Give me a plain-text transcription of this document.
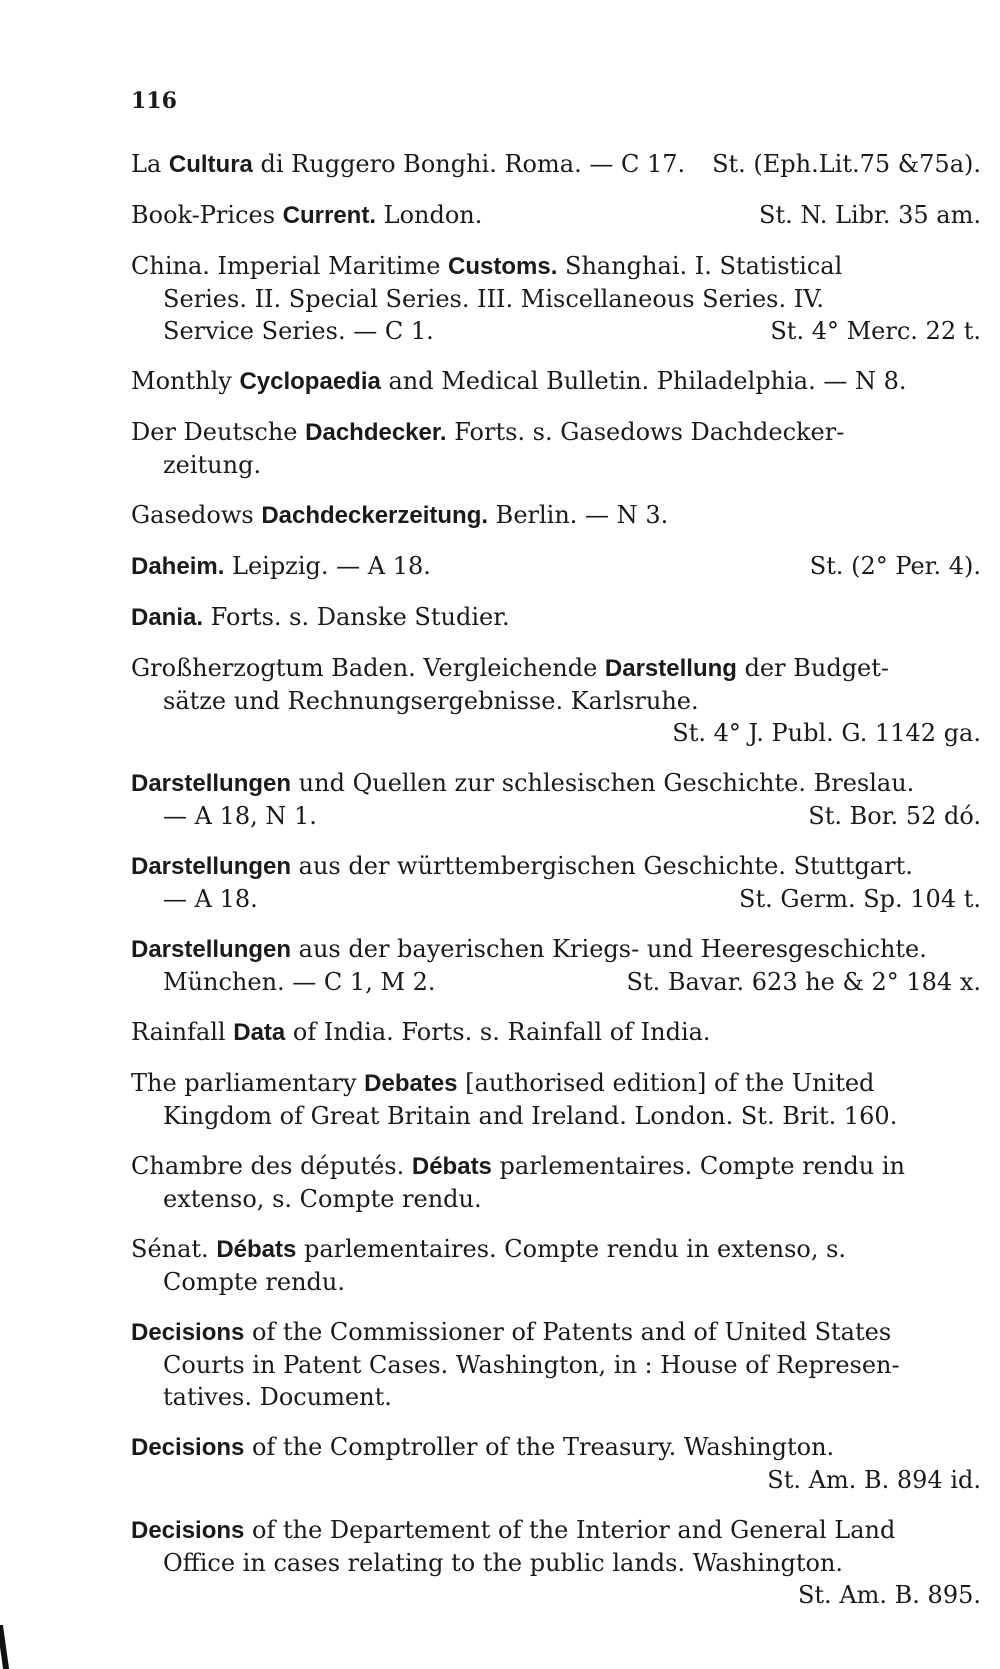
116

St. (Eph.Lit.75 &75a).
La Cultura di Ruggero Bonghi. Roma. — C 17.

St. N. Libr. 35 am.
Book-Prices Current. London.

China. Imperial Maritime Customs. Shanghai. I. Statistical

Series. II. Special Series. III. Miscellaneous Series. IV.

St. 4° Merc. 22 t.
Service Series. — C 1.

Monthly Cyclopaedia and Medical Bulletin. Philadelphia. — N 8.

Der Deutsche Dachdecker. Forts. s. Gasedows Dachdecker-

zeitung.

Gasedows Dachdeckerzeitung. Berlin. — N 3.

St. (2° Per. 4).
Daheim. Leipzig. — A 18.

Dania. Forts. s. Danske Studier.

Großherzogtum Baden. Vergleichende Darstellung der Budget-

sätze und Rechnungsergebnisse. Karlsruhe.

St. 4° J. Publ. G. 1142 ga.

Darstellungen und Quellen zur schlesischen Geschichte. Breslau.

St. Bor. 52 dó.
— A 18, N 1.

Darstellungen aus der württembergischen Geschichte. Stuttgart.

St. Germ. Sp. 104 t.
— A 18.

Darstellungen aus der bayerischen Kriegs- und Heeresgeschichte.

St. Bavar. 623 he & 2° 184 x.
München. — C 1, M 2.

Rainfall Data of India. Forts. s. Rainfall of India.

The parliamentary Debates [authorised edition] of the United

Kingdom of Great Britain and Ireland. London. St. Brit. 160.

Chambre des députés. Débats parlementaires. Compte rendu in

extenso, s. Compte rendu.

Sénat. Débats parlementaires. Compte rendu in extenso, s.

Compte rendu.

Decisions of the Commissioner of Patents and of United States

Courts in Patent Cases. Washington, in : House of Represen-

tatives. Document.

Decisions of the Comptroller of the Treasury. Washington.

St. Am. B. 894 id.

Decisions of the Departement of the Interior and General Land

Office in cases relating to the public lands. Washington.

St. Am. B. 895.
